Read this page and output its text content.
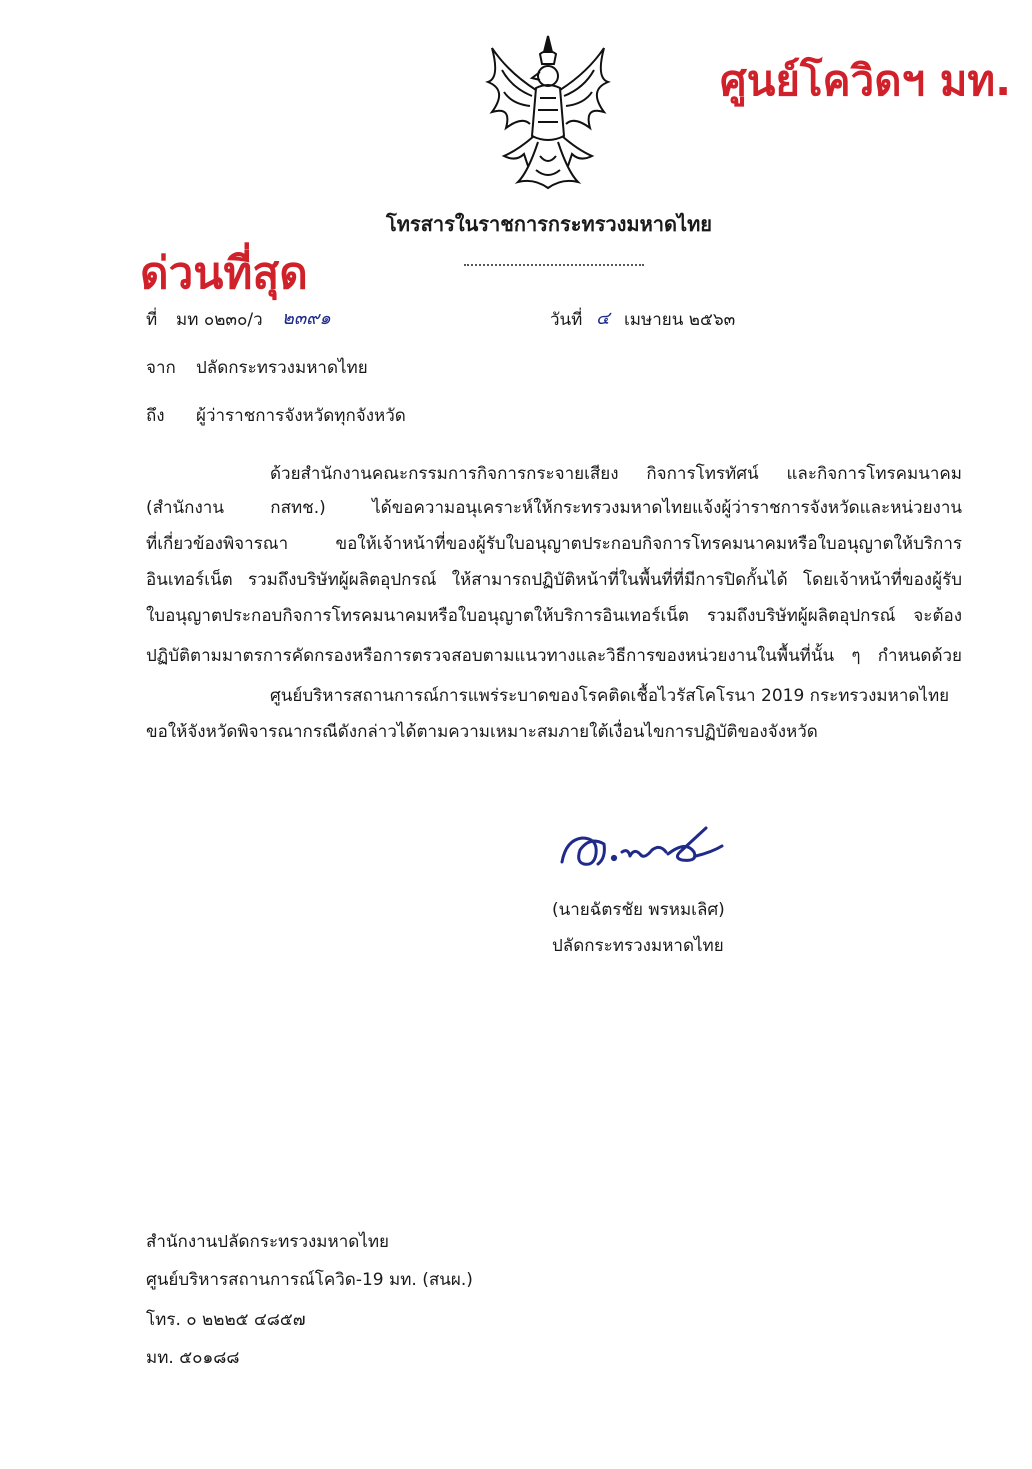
ศูนย์โควิดฯ มท.
โทรสารในราชการกระทรวงมหาดไทย
ด่วนที่สุด
ที่ มท ๐๒๓๐/ว ๒๓๙๑	วันที่ ๔ เมษายน ๒๕๖๓
จาก ปลัดกระทรวงมหาดไทย
ถึง ผู้ว่าราชการจังหวัดทุกจังหวัด
ด้วยสำนักงานคณะกรรมการกิจการกระจายเสียง กิจการโทรทัศน์ และกิจการโทรคมนาคม
(สำนักงาน กสทช.) ได้ขอความอนุเคราะห์ให้กระทรวงมหาดไทยแจ้งผู้ว่าราชการจังหวัดและหน่วยงาน
ที่เกี่ยวข้องพิจารณา ขอให้เจ้าหน้าที่ของผู้รับใบอนุญาตประกอบกิจการโทรคมนาคมหรือใบอนุญาตให้บริการ
อินเทอร์เน็ต รวมถึงบริษัทผู้ผลิตอุปกรณ์ ให้สามารถปฏิบัติหน้าที่ในพื้นที่ที่มีการปิดกั้นได้ โดยเจ้าหน้าที่ของผู้รับ
ใบอนุญาตประกอบกิจการโทรคมนาคมหรือใบอนุญาตให้บริการอินเทอร์เน็ต รวมถึงบริษัทผู้ผลิตอุปกรณ์ จะต้อง
ปฏิบัติตามมาตรการคัดกรองหรือการตรวจสอบตามแนวทางและวิธีการของหน่วยงานในพื้นที่นั้น ๆ กำหนดด้วย
ศูนย์บริหารสถานการณ์การแพร่ระบาดของโรคติดเชื้อไวรัสโคโรนา 2019 กระทรวงมหาดไทย
ขอให้จังหวัดพิจารณากรณีดังกล่าวได้ตามความเหมาะสมภายใต้เงื่อนไขการปฏิบัติของจังหวัด
(นายฉัตรชัย พรหมเลิศ)
ปลัดกระทรวงมหาดไทย
สำนักงานปลัดกระทรวงมหาดไทย
ศูนย์บริหารสถานการณ์โควิด-19 มท. (สนผ.)
โทร. ๐ ๒๒๒๕ ๔๘๕๗
มท. ๕๐๑๘๘
